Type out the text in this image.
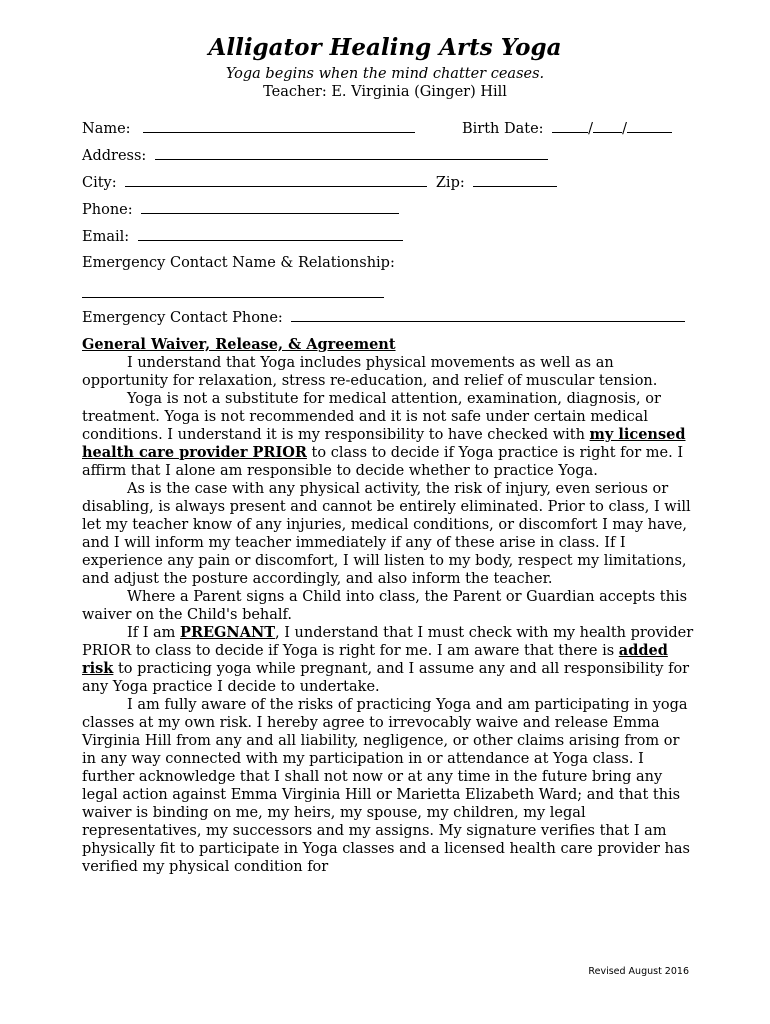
Alligator Healing Arts Yoga
Yoga begins when the mind chatter ceases.
Teacher: E. Virginia (Ginger) Hill
Name:	Birth Date:	/ /
Address:
City:	Zip:
Phone:
Email:
Emergency Contact Name & Relationship:
Emergency Contact Phone:
General Waiver, Release, & Agreement

I understand that Yoga includes physical movements as well as an opportunity for relaxation, stress re-education, and relief of muscular tension.

Yoga is not a substitute for medical attention, examination, diagnosis, or treatment. Yoga is not recommended and it is not safe under certain medical conditions. I understand it is my responsibility to have checked with my licensed health care provider PRIOR to class to decide if Yoga practice is right for me. I affirm that I alone am responsible to decide whether to practice Yoga.

As is the case with any physical activity, the risk of injury, even serious or disabling, is always present and cannot be entirely eliminated. Prior to class, I will let my teacher know of any injuries, medical conditions, or discomfort I may have, and I will inform my teacher immediately if any of these arise in class. If I experience any pain or discomfort, I will listen to my body, respect my limitations, and adjust the posture accordingly, and also inform the teacher.

Where a Parent signs a Child into class, the Parent or Guardian accepts this waiver on the Child's behalf.

If I am PREGNANT, I understand that I must check with my health provider PRIOR to class to decide if Yoga is right for me. I am aware that there is added risk to practicing yoga while pregnant, and I assume any and all responsibility for any Yoga practice I decide to undertake.

I am fully aware of the risks of practicing Yoga and am participating in yoga classes at my own risk. I hereby agree to irrevocably waive and release Emma Virginia Hill from any and all liability, negligence, or other claims arising from or in any way connected with my participation in or attendance at Yoga class. I further acknowledge that I shall not now or at any time in the future bring any legal action against Emma Virginia Hill or Marietta Elizabeth Ward; and that this waiver is binding on me, my heirs, my spouse, my children, my legal representatives, my successors and my assigns. My signature verifies that I am physically fit to participate in Yoga classes and a licensed health care provider has verified my physical condition for

Revised August 2016
